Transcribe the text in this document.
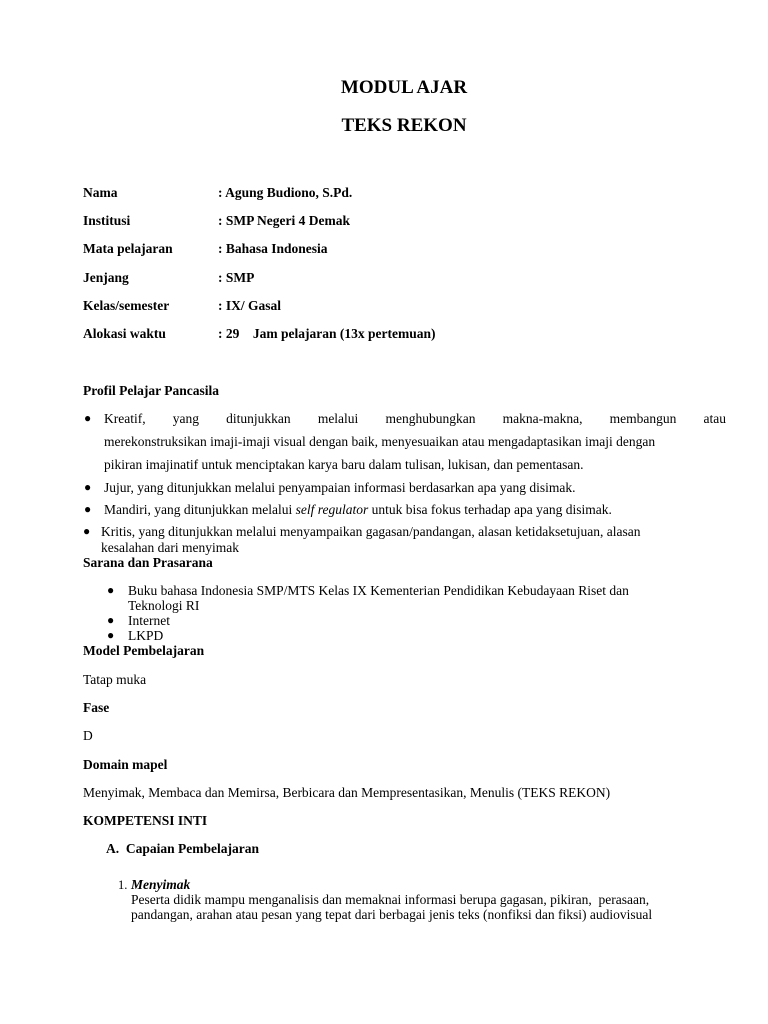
MODUL AJAR
TEKS REKON
Nama	: Agung Budiono, S.Pd.
Institusi	: SMP Negeri 4 Demak
Mata pelajaran	: Bahasa Indonesia
Jenjang	: SMP
Kelas/semester	: IX/ Gasal
Alokasi waktu	: 29    Jam pelajaran (13x pertemuan)
Profil Pelajar Pancasila
● Kreatif, yang ditunjukkan melalui menghubungkan makna-makna, membangun atau
merekonstruksikan imaji-imaji visual dengan baik, menyesuaikan atau mengadaptasikan imaji dengan
pikiran imajinatif untuk menciptakan karya baru dalam tulisan, lukisan, dan pementasan.
● Jujur, yang ditunjukkan melalui penyampaian informasi berdasarkan apa yang disimak.
● Mandiri, yang ditunjukkan melalui self regulator untuk bisa fokus terhadap apa yang disimak.
● Kritis, yang ditunjukkan melalui menyampaikan gagasan/pandangan, alasan ketidaksetujuan, alasan
kesalahan dari menyimak
Sarana dan Prasarana
● Buku bahasa Indonesia SMP/MTS Kelas IX Kementerian Pendidikan Kebudayaan Riset dan
Teknologi RI
● Internet
● LKPD
Model Pembelajaran
Tatap muka
Fase
D
Domain mapel
Menyimak, Membaca dan Memirsa, Berbicara dan Mempresentasikan, Menulis (TEKS REKON)
KOMPETENSI INTI
A.  Capaian Pembelajaran
1. Menyimak
Peserta didik mampu menganalisis dan memaknai informasi berupa gagasan, pikiran,  perasaan,
pandangan, arahan atau pesan yang tepat dari berbagai jenis teks (nonfiksi dan fiksi) audiovisual
